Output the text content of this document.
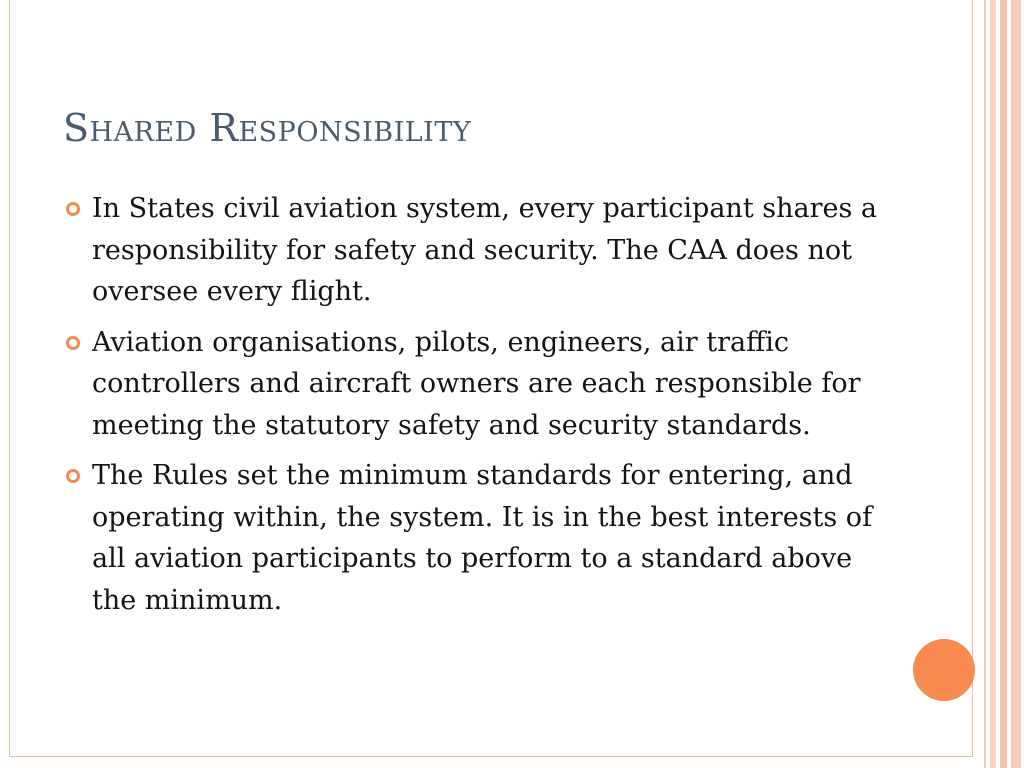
Shared Responsibility
In States civil aviation system, every participant shares a responsibility for safety and security. The CAA does not oversee every flight.
Aviation organisations, pilots, engineers, air traffic controllers and aircraft owners are each responsible for meeting the statutory safety and security standards.
The Rules set the minimum standards for entering, and operating within, the system. It is in the best interests of all aviation participants to perform to a standard above the minimum.
